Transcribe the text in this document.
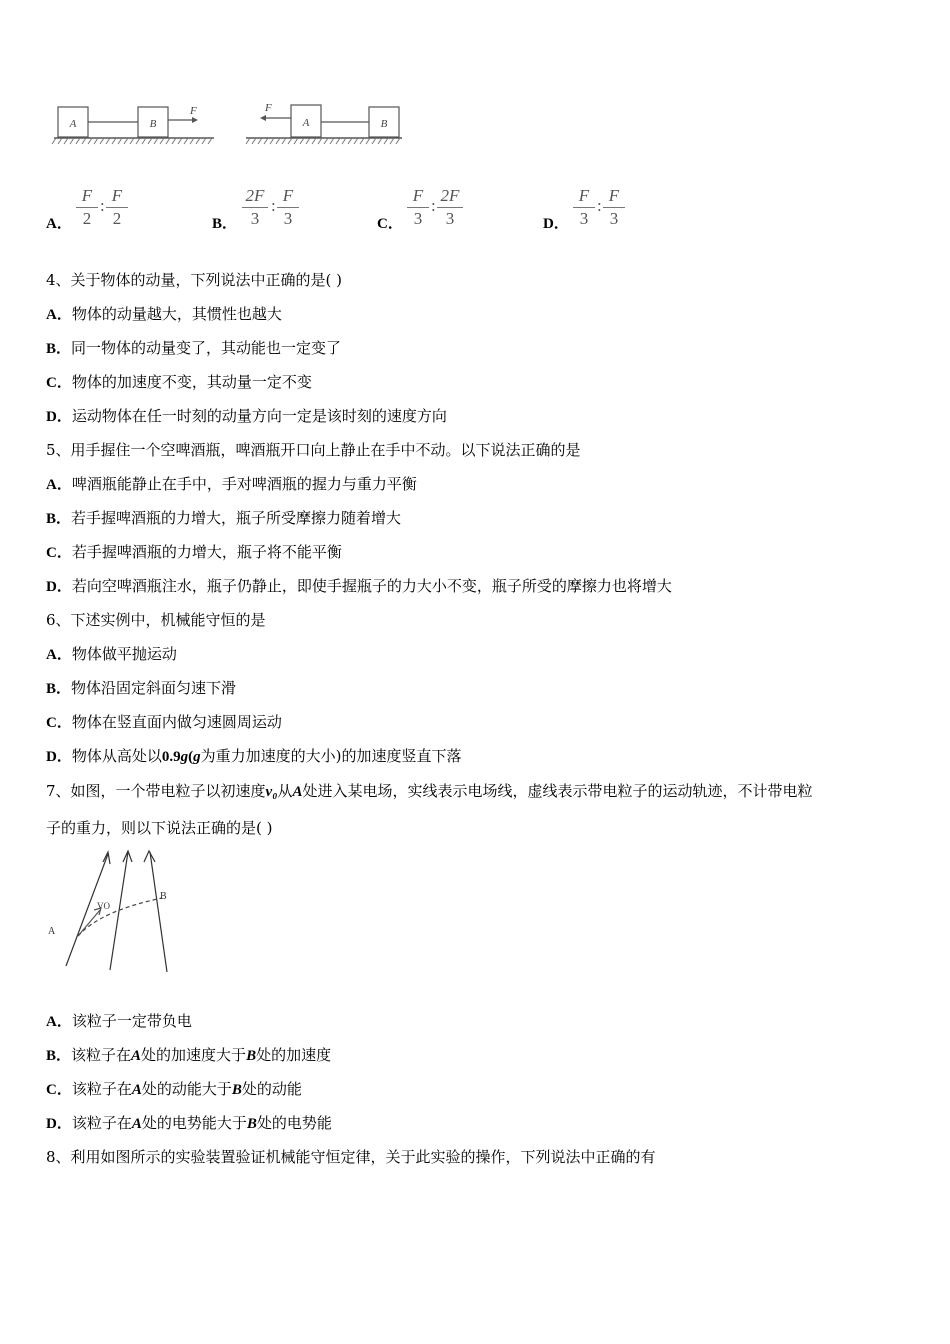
A	B
F	F
A	B
A．
F
2
:
F
2	B．
2F
3
:
F
3	C．
F
3
:
2F
3	D．
F
3
:
F
3
4、关于物体的动量，下列说法中正确的是( )
A．物体的动量越大，其惯性也越大
B．同一物体的动量变了，其动能也一定变了
C．物体的加速度不变，其动量一定不变
D．运动物体在任一时刻的动量方向一定是该时刻的速度方向
5、用手握住一个空啤酒瓶，啤酒瓶开口向上静止在手中不动。以下说法正确的是
A．啤酒瓶能静止在手中，手对啤酒瓶的握力与重力平衡
B．若手握啤酒瓶的力增大，瓶子所受摩擦力随着增大
C．若手握啤酒瓶的力增大，瓶子将不能平衡
D．若向空啤酒瓶注水，瓶子仍静止，即使手握瓶子的力大小不变，瓶子所受的摩擦力也将增大
6、下述实例中，机械能守恒的是
A．物体做平抛运动
B．物体沿固定斜面匀速下滑
C．物体在竖直面内做匀速圆周运动
D．物体从高处以0.9g(g为重力加速度的大小)的加速度竖直下落
7、如图，一个带电粒子以初速度v₀从A处进入某电场，实线表示电场线，虚线表示带电粒子的运动轨迹，不计带电粒
子的重力，则以下说法正确的是( )
A
B
VO
A．该粒子一定带负电
B．该粒子在A处的加速度大于B处的加速度
C．该粒子在A处的动能大于B处的动能
D．该粒子在A处的电势能大于B处的电势能
8、利用如图所示的实验装置验证机械能守恒定律，关于此实验的操作，下列说法中正确的有
